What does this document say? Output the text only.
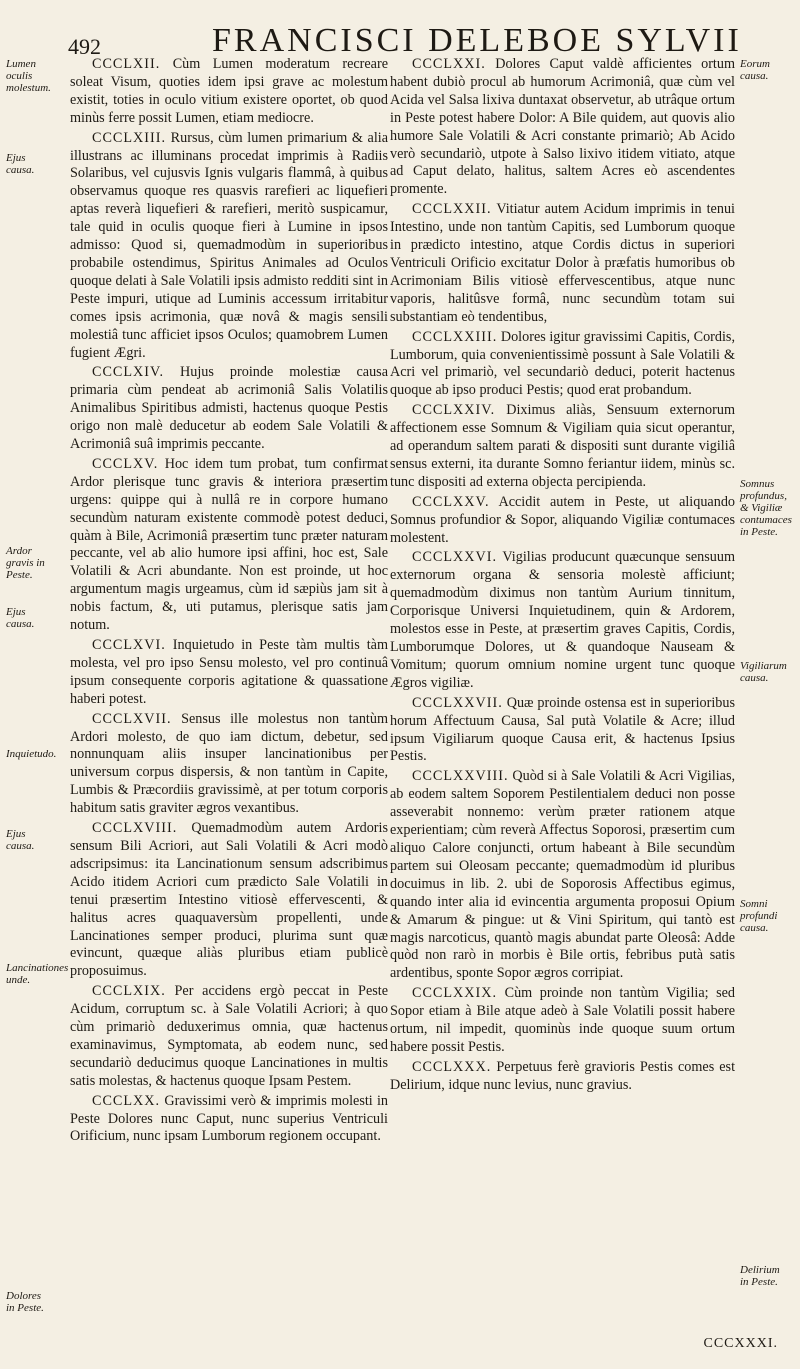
492	FRANCISCI DELEBOE SYLVII
Lumen oculis molestum.
Ejus causa.
Ardor gravis in Peste.
Ejus causa.
Inquietudo.
Ejus causa.
Lancinationes unde.
Dolores in Peste.
Eorum causa.
Somnus profundus, & Vigiliæ contumaces in Peste.
Vigiliarum causa.
Somni profundi causa.
Delirium in Peste.

CCCLXII. Cùm Lumen moderatum recreare soleat Visum, quoties idem ipsi grave ac molestum existit, toties in oculo vitium existere oportet, ob quod minùs ferre possit Lumen, etiam mediocre.

CCCLXIII. Rursus, cùm lumen primarium & alia illustrans ac illuminans procedat imprimis à Radiis Solaribus, vel cujusvis Ignis vulgaris flammâ, à quibus observamus quoque res quasvis rarefieri ac liquefieri aptas reverà liquefieri & rarefieri, meritò suspicamur, tale quid in oculis quoque fieri à Lumine in ipsos admisso: Quod si, quemadmodùm in superioribus probabile ostendimus, Spiritus Animales ad Oculos quoque delati à Sale Volatili ipsis admisto redditi sint in Peste impuri, utique ad Luminis accessum irritabitur comes ipsis acrimonia, quæ novâ & magis sensili molestiâ tunc afficiet ipsos Oculos; quamobrem Lumen fugient Ægri.

CCCLXIV. Hujus proinde molestiæ causa primaria cùm pendeat ab acrimoniâ Salis Volatilis Animalibus Spiritibus admisti, hactenus quoque Pestis origo non malè deducetur ab eodem Sale Volatili & Acrimoniâ suâ imprimis peccante.

CCCLXV. Hoc idem tum probat, tum confirmat Ardor plerisque tunc gravis & interiora præsertim urgens: quippe qui à nullâ re in corpore humano secundùm naturam existente commodè potest deduci, quàm à Bile, Acrimoniâ præsertim tunc præter naturam peccante, vel ab alio humore ipsi affini, hoc est, Sale Volatili & Acri abundante. Non est proinde, ut hoc argumentum magis urgeamus, cùm id sæpiùs jam sit à nobis factum, &, uti putamus, plerisque satis jam notum.

CCCLXVI. Inquietudo in Peste tàm multis tàm molesta, vel pro ipso Sensu molesto, vel pro continuâ ipsum consequente corporis agitatione & quassatione haberi potest.

CCCLXVII. Sensus ille molestus non tantùm Ardori molesto, de quo iam dictum, debetur, sed nonnunquam aliis insuper lancinationibus per universum corpus dispersis, & non tantùm in Capite, Lumbis & Præcordiis gravissimè, at per totum corporis habitum satis graviter ægros vexantibus.

CCCLXVIII. Quemadmodùm autem Ardoris sensum Bili Acriori, aut Sali Volatili & Acri modò adscripsimus: ita Lancinationum sensum adscribimus Acido itidem Acriori cum prædicto Sale Volatili in tenui præsertim Intestino vitiosè effervescenti, & halitus acres quaquaversùm propellenti, unde Lancinationes semper produci, plurima sunt quæ evincunt, quæque aliàs pluribus etiam publicè proposuimus.

CCCLXIX. Per accidens ergò peccat in Peste Acidum, corruptum sc. à Sale Volatili Acriori; à quo cùm primariò deduxerimus omnia, quæ hactenus examinavimus, Symptomata, ab eodem nunc, sed secundariò deducimus quoque Lancinationes in multis satis molestas, & hactenus quoque Ipsam Pestem.

CCCLXX. Gravissimi verò & imprimis molesti in Peste Dolores nunc Caput, nunc superius Ventriculi Orificium, nunc ipsam Lumborum regionem occupant.

CCCLXXI. Dolores Caput valdè afficientes ortum habent dubiò procul ab humorum Acrimoniâ, quæ cùm vel Acida vel Salsa lixiva duntaxat observetur, ab utrâque ortum in Peste potest habere Dolor: A Bile quidem, aut quovis alio humore Sale Volatili & Acri constante primariò; Ab Acido verò secundariò, utpote à Salso lixivo itidem vitiato, atque ad Caput delato, halitus, saltem Acres eò ascendentes promente.

CCCLXXII. Vitiatur autem Acidum imprimis in tenui Intestino, unde non tantùm Capitis, sed Lumborum quoque in prædicto intestino, atque Cordis dictus in superiori Ventriculi Orificio excitatur Dolor à præfatis humoribus ob Acrimoniam Bilis vitiosè effervescentibus, atque nunc vaporis, halitûsve formâ, nunc secundùm totam sui substantiam eò tendentibus,

CCCLXXIII. Dolores igitur gravissimi Capitis, Cordis, Lumborum, quia convenientissimè possunt à Sale Volatili & Acri vel primariò, vel secundariò deduci, poterit hactenus quoque ab ipso produci Pestis; quod erat probandum.

CCCLXXIV. Diximus aliàs, Sensuum externorum affectionem esse Somnum & Vigiliam quia sicut operantur, ad operandum saltem parati & dispositi sunt durante vigiliâ sensus externi, ita durante Somno feriantur iidem, minùs sc. tunc dispositi ad externa objecta percipienda.

CCCLXXV. Accidit autem in Peste, ut aliquando Somnus profundior & Sopor, aliquando Vigiliæ contumaces molestent.

CCCLXXVI. Vigilias producunt quæcunque sensuum externorum organa & sensoria molestè afficiunt; quemadmodùm diximus non tantùm Aurium tinnitum, Corporisque Universi Inquietudinem, quin & Ardorem, molestos esse in Peste, at præsertim graves Capitis, Cordis, Lumborumque Dolores, ut & quandoque Nauseam & Vomitum; quorum omnium nomine urgent tunc quoque Ægros vigiliæ.

CCCLXXVII. Quæ proinde ostensa est in superioribus horum Affectuum Causa, Sal putà Volatile & Acre; illud ipsum Vigiliarum quoque Causa erit, & hactenus Ipsius Pestis.

CCCLXXVIII. Quòd si à Sale Volatili & Acri Vigilias, ab eodem saltem Soporem Pestilentialem deduci non posse asseverabit nonnemo: verùm præter rationem atque experientiam; cùm reverà Affectus Soporosi, præsertim cum aliquo Calore conjuncti, ortum habeant à Bile secundùm partem sui Oleosam peccante; quemadmodùm id pluribus docuimus in lib. 2. ubi de Soporosis Affectibus egimus, quando inter alia id evincentia argumenta proposui Opium & Amarum & pingue: ut & Vini Spiritum, qui tantò est magis narcoticus, quantò magis abundat parte Oleosâ: Adde quòd non rarò in morbis è Bile ortis, febribus putà satis ardentibus, sponte Sopor ægros corripiat.

CCCLXXIX. Cùm proinde non tantùm Vigilia; sed Sopor etiam à Bile atque adeò à Sale Volatili possit habere ortum, nil impedit, quominùs inde quoque suum ortum habere possit Pestis.

CCCLXXX. Perpetuus ferè gravioris Pestis comes est Delirium, idque nunc levius, nunc gravius.

CCCXXXI.
